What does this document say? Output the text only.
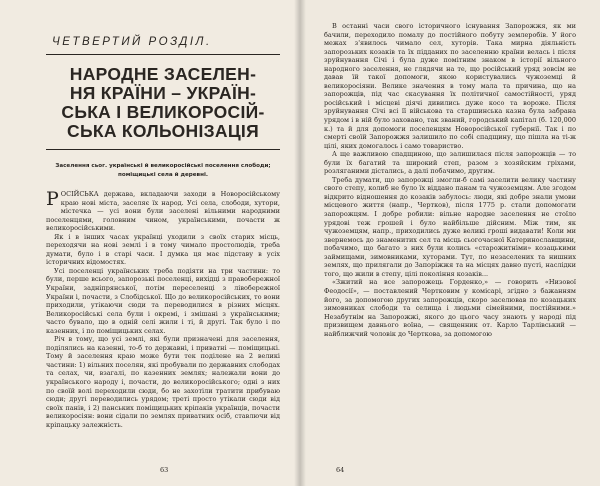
ЧЕТВЕРТИЙ РОЗДІЛ.
НАРОДНЕ ЗАСЕЛЕН-
НЯ КРАЇНИ – УКРАЇН-
СЬКА І ВЕЛИКОРОСІЙ-
СЬКА КОЛЬОНІЗАЦІЯ
Заселення сьог. українські й великоросійські поселення слободи; поміщицькі села й деревні.

РОСІЙСЬКА держава, вкладаючи заходи в Новоросійському краю нові міста, заселяє їх народ. Усі села, слободи, хутори, містечка — усі вони були заселені вільними народними поселенцями, головним чином, українськими, почасти ж великоросійськими.

Як і в інших часах українці уходили з своїх старих місць, переходячи на нові землі і в тому чимало простолюдів, треба думати, було і в старі часи. І думка ця має підставу в усіх історичних відомостях.

Усі поселенці українських треба подіяти на три частини: то були, перше всього, запорозькі поселенці, вихідці з правобережної України, задніпрянської, потім переселенці з лівобережної України і, почасти, з Слобідської. Що до великоросійських, то вони приходили, утікаючи сюди та переводилися в різних місцях. Великоросійські села були і окремі, і змішані з українськими; часто бувало, що в одній селі жили і ті, й другі. Так було і по казенних, і по поміщицьких селах.

Річ в тому, що усі землі, які були призначені для заселення, поділялись на казенні, то-б то державні, і приватні — поміщицькі. Тому й заселення краю може бути тек поділене на 2 великі частини: 1) вільних поселян, які пробували по державних слободах та селах, чи, взагалі, по казенних землях; належали вони до українського народу і, почасти, до великоросійського; одні з них по своїй волі переходили сюди, бо не захотіли тратити прибуваю сюди; другі переводились урядом; треті просто утікали сюди від своїх панів, і 2) панських поміщицьких кріпаків українців, почасти великоросіян: вони сідали по землях приватних осіб, ставлючи від кріпацьку залежність.

63

В останні часи свого історичного існування Запорожжя, як ми бачили, переходило помалу до постійного побуту землеробів. У його межах з'явилось чимало сел, хуторів. Така мирна діяльність запорозьких козаків та їх підданих по заселенню країни велась і після зруйнування Січі і була дуже помітним знаком в історії вільного народного заселення, не глядячи на те, що російський уряд зовсім не давав їй такої допомоги, якою користувались чужоземці й великоросіяни. Велике значення в тому мала та причина, що на запорожців, під час скасування їх політичної самостійності, уряд російський і місцеві діячі дивились дуже косо та вороже. Після зруйнування Січі всі її військова та старшинська казна була забрана урядом і в ній було заховано, так званий, городський капітал (б. 120,000 к.) та й для допомоги поселенцям Новоросійської губернії. Так і по смерті своїй Запорожжя залишило по собі спадщину, що пішла на ті-ж цілі, яких домогалось і само товариство.

А ще важливою спадщиною, що залишилася після запорожців — то були їх багатий та широкий степ, разом з хозяйским гріхами, розляганими дістались, а далі побачимо, другим.

Треба думати, що запорожці змогли-б самі заселити велику частину свого степу, колиб не було їх віддано панам та чужоземцям. Але згодом відкрито відношення до козаків забулось: люди, які добре знали умови місцевого життя (напр., Чертков), після 1775 р. стали допомогати запорожцям. І добре робили: вільне народне заселення не стоїло урядові теж грошей і було найбільше дійсним. Між тим, як чужоземцям, напр., приходились дуже великі гроші видавати! Коли ми звернемось до знаменитих сел та місць сьогочасної Катеринославщини, побачимо, що багато з них були колись «старожитніми» козацькими займищами, зимовниками, хуторами. Тут, по незаселених та нишних землях, що прилягали до Запоріжжя та на місцях давно пусті, наслідки того, що жили в степу, цілі покоління козаків...

«Зжитий на все запорожець Горденко,» — говорить «Низової Феодосії», — поставлений Чертковим у комісарі, згідно з бажанням його, за допомогою других запорожців, скоро заселював по козацьких зимовниках слободи та селища і людьми сімейними, постійними.» Незабутнім на Запорожжі, якого до цього часу знають у народі під призвищем давнього воїна, — священник от. Карло Тарлівський — найближчий чоловік до Черткова, за допомогою

64
